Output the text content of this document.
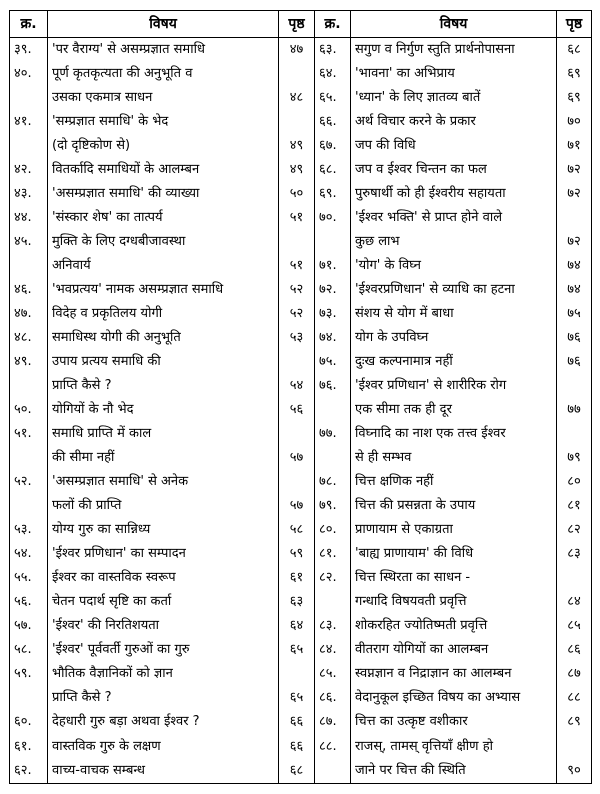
क्र.	विषय	पृष्ठ	क्र.	विषय	पृष्ठ
३९.	'पर वैराग्य' से असम्प्रज्ञात समाधि	४७	६३.	सगुण व निर्गुण स्तुति प्रार्थनोपासना	६८
४०.	पूर्ण कृतकृत्यता की अनुभूति व		६४.	'भावना' का अभिप्राय	६९
	उसका एकमात्र साधन	४८	६५.	'ध्यान' के लिए ज्ञातव्य बातें	६९
४१.	'सम्प्रज्ञात समाधि' के भेद		६६.	अर्थ विचार करने के प्रकार	७०
	(दो दृष्टिकोण से)	४९	६७.	जप की विधि	७१
४२.	वितर्कादि समाधियों के आलम्बन	४९	६८.	जप व ईश्वर चिन्तन का फल	७२
४३.	'असम्प्रज्ञात समाधि' की व्याख्या	५०	६९.	पुरुषार्थी को ही ईश्वरीय सहायता	७२
४४.	'संस्कार शेष' का तात्पर्य	५१	७०.	'ईश्वर भक्ति' से प्राप्त होने वाले	
४५.	मुक्ति के लिए दग्धबीजावस्था			कुछ लाभ	७२
	अनिवार्य	५१	७१.	'योग' के विघ्न	७४
४६.	'भवप्रत्यय' नामक असम्प्रज्ञात समाधि	५२	७२.	'ईश्वरप्रणिधान' से व्याधि का हटना	७४
४७.	विदेह व प्रकृतिलय योगी	५२	७३.	संशय से योग में बाधा	७५
४८.	समाधिस्थ योगी की अनुभूति	५३	७४.	योग के उपविघ्न	७६
४९.	उपाय प्रत्यय समाधि की		७५.	दुःख कल्पनामात्र नहीं	७६
	प्राप्ति कैसे ?	५४	७६.	'ईश्वर प्रणिधान' से शारीरिक रोग	
५०.	योगियों के नौ भेद	५६		एक सीमा तक ही दूर	७७
५१.	समाधि प्राप्ति में काल		७७.	विघ्नादि का नाश एक तत्त्व ईश्वर	
	की सीमा नहीं	५७		से ही सम्भव	७९
५२.	'असम्प्रज्ञात समाधि' से अनेक		७८.	चित्त क्षणिक नहीं	८०
	फलों की प्राप्ति	५७	७९.	चित्त की प्रसन्नता के उपाय	८१
५३.	योग्य गुरु का सान्निध्य	५८	८०.	प्राणायाम से एकाग्रता	८२
५४.	'ईश्वर प्रणिधान' का सम्पादन	५९	८१.	'बाह्य प्राणायाम' की विधि	८३
५५.	ईश्वर का वास्तविक स्वरूप	६१	८२.	चित्त स्थिरता का साधन -	
५६.	चेतन पदार्थ सृष्टि का कर्ता	६३		गन्धादि विषयवती प्रवृत्ति	८४
५७.	'ईश्वर' की निरतिशयता	६४	८३.	शोकरहित ज्योतिष्मती प्रवृत्ति	८५
५८.	'ईश्वर' पूर्ववर्ती गुरुओं का गुरु	६५	८४.	वीतराग योगियों का आलम्बन	८६
५९.	भौतिक वैज्ञानिकों को ज्ञान		८५.	स्वप्नज्ञान व निद्राज्ञान का आलम्बन	८७
	प्राप्ति कैसे ?	६५	८६.	वेदानुकूल इच्छित विषय का अभ्यास	८८
६०.	देहधारी गुरु बड़ा अथवा ईश्वर ?	६६	८७.	चित्त का उत्कृष्ट वशीकार	८९
६१.	वास्तविक गुरु के लक्षण	६६	८८.	राजस्, तामस् वृत्तियाँ क्षीण हो	
६२.	वाच्य-वाचक सम्बन्ध	६८		जाने पर चित्त की स्थिति	९०
